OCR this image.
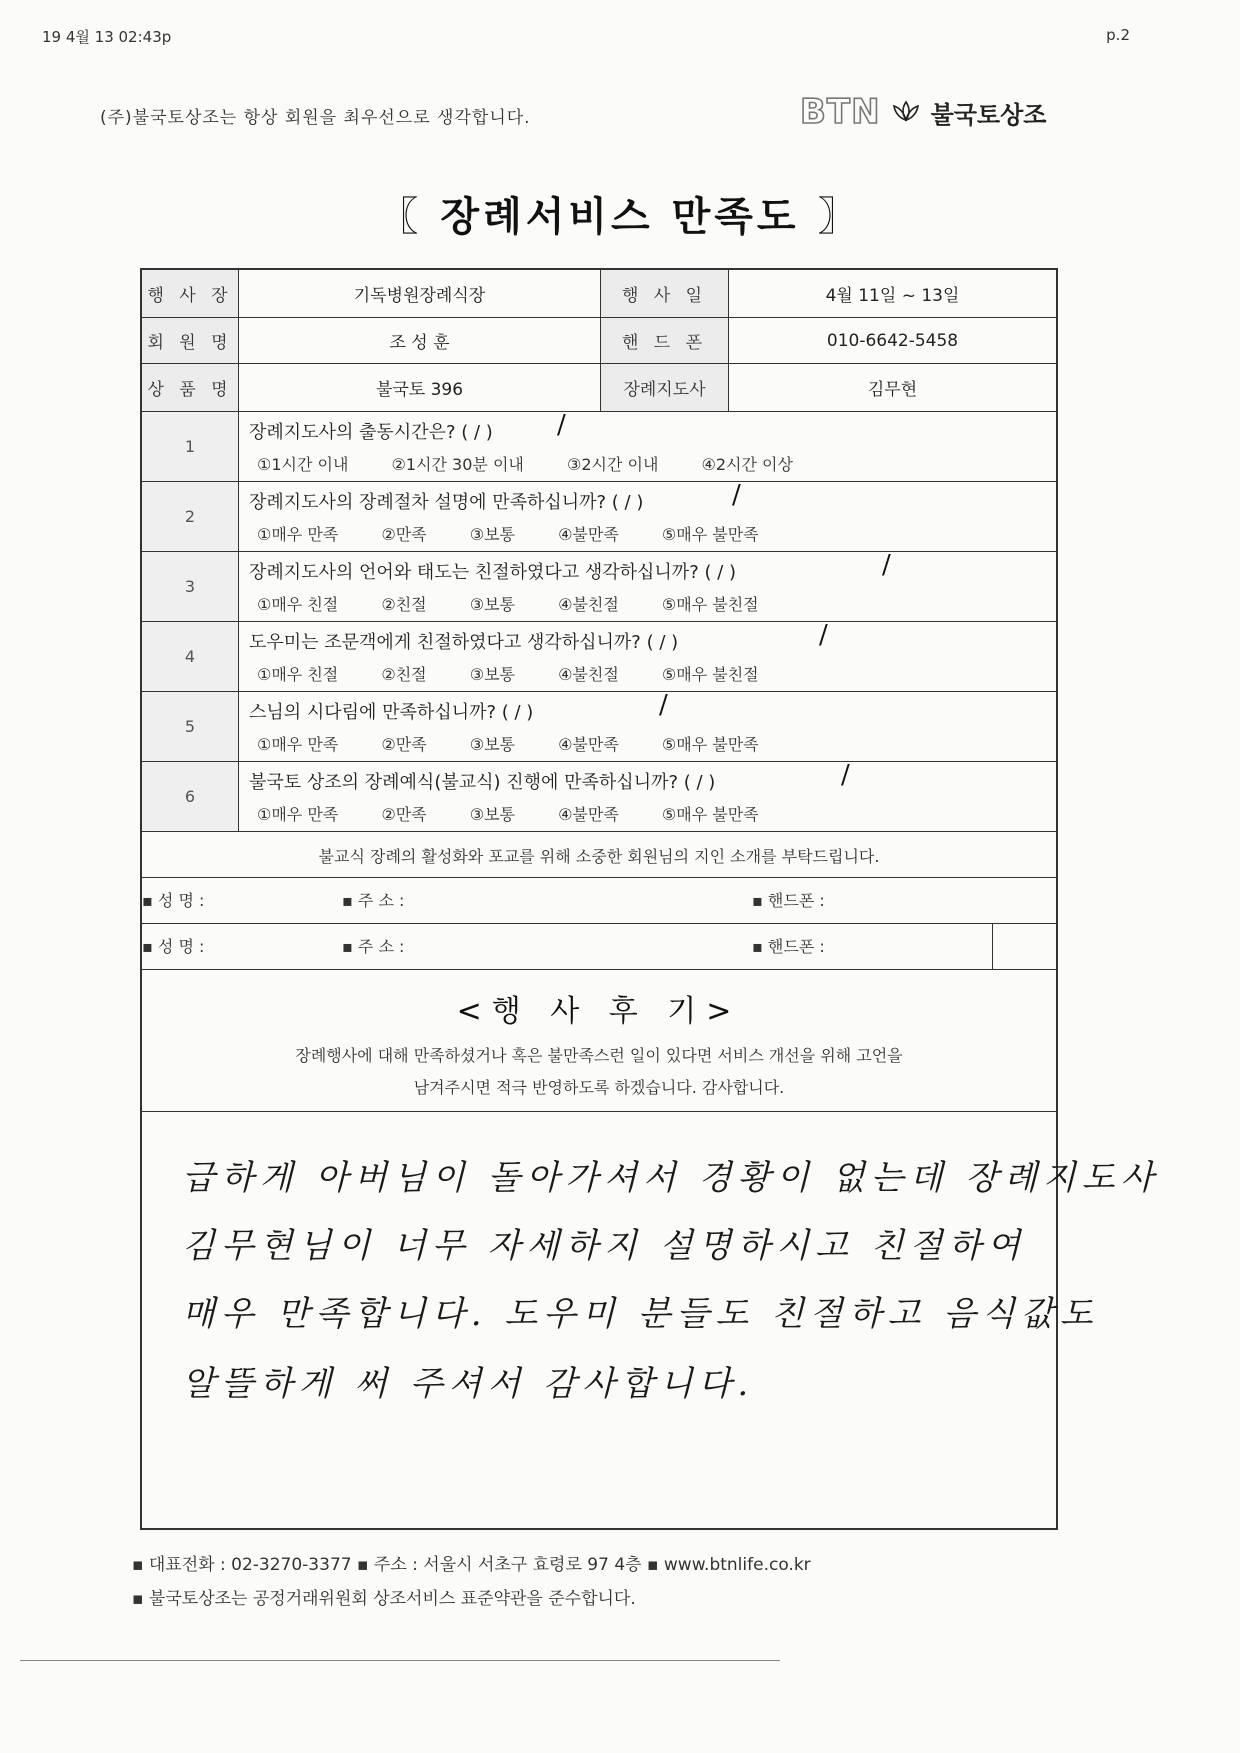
19 4월 13 02:43p	p.2
(주)불국토상조는 항상 회원을 최우선으로 생각합니다.	BTN 불국토상조
〖 장례서비스 만족도 〗
행 사 장	기독병원장례식장	행 사 일	4월 11일 ~ 13일
회 원 명	조 성 훈	핸 드 폰	010-6642-5458
상 품 명	불국토 396	장례지도사	김무현
1
장례지도사의 출동시간은? ( / )
①1시간 이내	②1시간 30분 이내	③2시간 이내	④2시간 이상
/
2
장례지도사의 장례절차 설명에 만족하십니까? ( / )
①매우 만족	②만족	③보통	④불만족	⑤매우 불만족
/
3
장례지도사의 언어와 태도는 친절하였다고 생각하십니까? ( / )
①매우 친절	②친절	③보통	④불친절	⑤매우 불친절
/
4
도우미는 조문객에게 친절하였다고 생각하십니까? ( / )
①매우 친절	②친절	③보통	④불친절	⑤매우 불친절
/
5
스님의 시다림에 만족하십니까? ( / )
①매우 만족	②만족	③보통	④불만족	⑤매우 불만족
/
6
불국토 상조의 장례예식(불교식) 진행에 만족하십니까? ( / )
①매우 만족	②만족	③보통	④불만족	⑤매우 불만족
/
불교식 장례의 활성화와 포교를 위해 소중한 회원님의 지인 소개를 부탁드립니다.
▪ 성 명 :	▪ 주 소 :	▪ 핸드폰 :
▪ 성 명 :	▪ 주 소 :	▪ 핸드폰 :
<행 사 후 기>
장례행사에 대해 만족하셨거나 혹은 불만족스런 일이 있다면 서비스 개선을 위해 고언을
남겨주시면 적극 반영하도록 하겠습니다. 감사합니다.
급하게 아버님이 돌아가셔서 경황이 없는데 장례지도사
김무현님이 너무 자세하지 설명하시고 친절하여
매우 만족합니다. 도우미 분들도 친절하고 음식값도
알뜰하게 써 주셔서 감사합니다.
▪ 대표전화 : 02-3270-3377 ▪ 주소 : 서울시 서초구 효령로 97 4층 ▪ www.btnlife.co.kr
▪ 불국토상조는 공정거래위원회 상조서비스 표준약관을 준수합니다.
